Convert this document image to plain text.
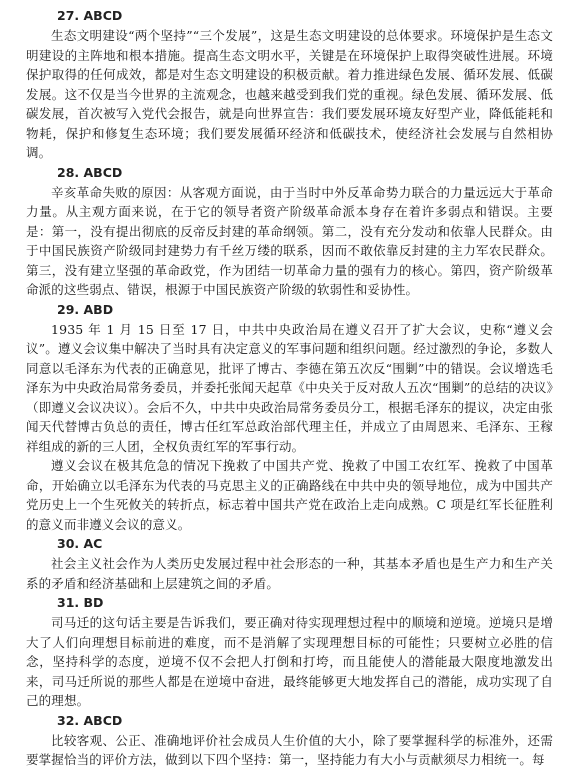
27. ABCD

生态文明建设“两个坚持”“三个发展”，这是生态文明建设的总体要求。环境保护是生态文明建设的主阵地和根本措施。提高生态文明水平，关键是在环境保护上取得突破性进展。环境保护取得的任何成效，都是对生态文明建设的积极贡献。着力推进绿色发展、循环发展、低碳发展。这不仅是当今世界的主流观念，也越来越受到我们党的重视。绿色发展、循环发展、低碳发展，首次被写入党代会报告，就是向世界宣告：我们要发展环境友好型产业，降低能耗和物耗，保护和修复生态环境；我们要发展循环经济和低碳技术，使经济社会发展与自然相协调。

28. ABCD

辛亥革命失败的原因：从客观方面说，由于当时中外反革命势力联合的力量远远大于革命力量。从主观方面来说，在于它的领导者资产阶级革命派本身存在着许多弱点和错误。主要是：第一，没有提出彻底的反帝反封建的革命纲领。第二，没有充分发动和依靠人民群众。由于中国民族资产阶级同封建势力有千丝万缕的联系，因而不敢依靠反封建的主力军农民群众。第三，没有建立坚强的革命政党，作为团结一切革命力量的强有力的核心。第四，资产阶级革命派的这些弱点、错误，根源于中国民族资产阶级的软弱性和妥协性。

29. ABD

1935 年 1 月 15 日至 17 日，中共中央政治局在遵义召开了扩大会议，史称“遵义会议”。遵义会议集中解决了当时具有决定意义的军事问题和组织问题。经过激烈的争论，多数人同意以毛泽东为代表的正确意见，批评了博古、李德在第五次反“围剿”中的错误。会议增选毛泽东为中央政治局常务委员，并委托张闻天起草《中央关于反对敌人五次“围剿”的总结的决议》（即遵义会议决议）。会后不久，中共中央政治局常务委员分工，根据毛泽东的提议，决定由张闻天代替博古负总的责任，博古任红军总政治部代理主任，并成立了由周恩来、毛泽东、王稼祥组成的新的三人团，全权负责红军的军事行动。

遵义会议在极其危急的情况下挽救了中国共产党、挽救了中国工农红军、挽救了中国革命，开始确立以毛泽东为代表的马克思主义的正确路线在中共中央的领导地位，成为中国共产党历史上一个生死攸关的转折点，标志着中国共产党在政治上走向成熟。C 项是红军长征胜利的意义而非遵义会议的意义。

30. AC

社会主义社会作为人类历史发展过程中社会形态的一种，其基本矛盾也是生产力和生产关系的矛盾和经济基础和上层建筑之间的矛盾。

31. BD

司马迁的这句话主要是告诉我们，要正确对待实现理想过程中的顺境和逆境。逆境只是增大了人们向理想目标前进的难度，而不是消解了实现理想目标的可能性；只要树立必胜的信念，坚持科学的态度，逆境不仅不会把人打倒和打垮，而且能使人的潜能最大限度地激发出来，司马迁所说的那些人都是在逆境中奋进，最终能够更大地发挥自己的潜能，成功实现了自己的理想。

32. ABCD

比较客观、公正、准确地评价社会成员人生价值的大小，除了要掌握科学的标准外，还需要掌握恰当的评价方法，做到以下四个坚持：第一，坚持能力有大小与贡献须尽力相统一。每
